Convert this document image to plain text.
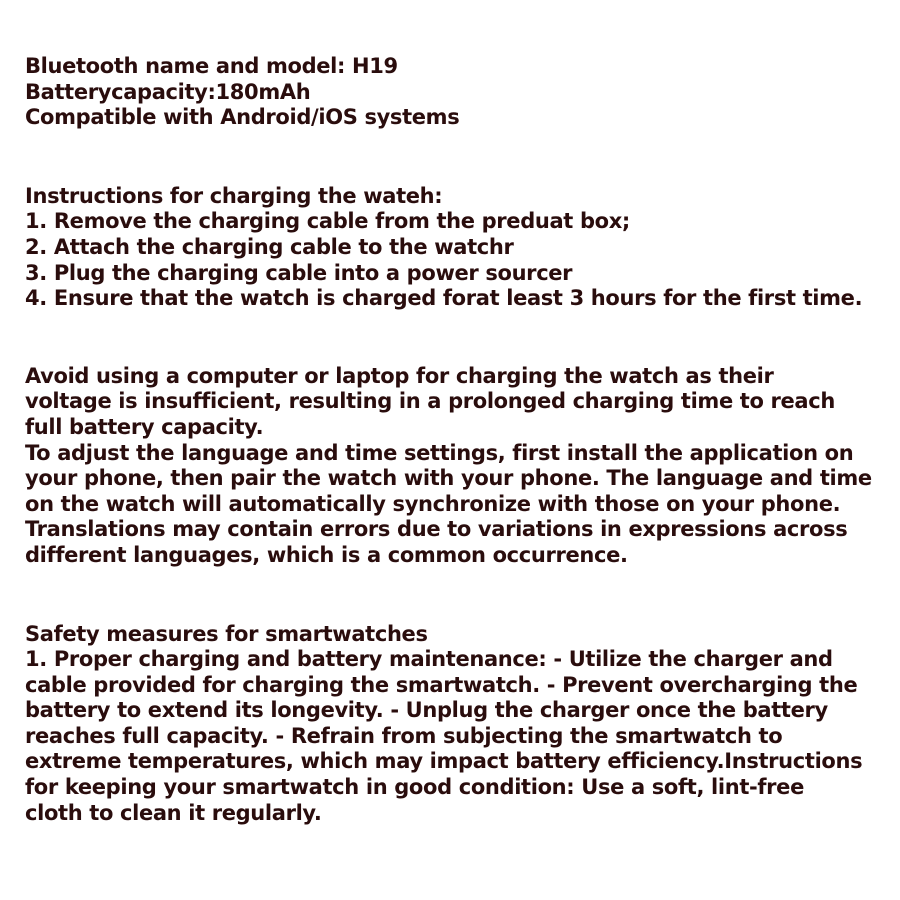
Bluetooth name and model: H19
Batterycapacity:180mAh
Compatible with Android/iOS systems
Instructions for charging the wateh:
1. Remove the charging cable from the preduat box;
2. Attach the charging cable to the watchr
3. Plug the charging cable into a power sourcer
4. Ensure that the watch is charged forat least 3 hours for the first time.
Avoid using a computer or laptop for charging the watch as their
voltage is insufficient, resulting in a prolonged charging time to reach
full battery capacity.
To adjust the language and time settings, first install the application on
your phone, then pair the watch with your phone. The language and time
on the watch will automatically synchronize with those on your phone.
Translations may contain errors due to variations in expressions across
different languages, which is a common occurrence.
Safety measures for smartwatches
1. Proper charging and battery maintenance: - Utilize the charger and
cable provided for charging the smartwatch. - Prevent overcharging the
battery to extend its longevity. - Unplug the charger once the battery
reaches full capacity. - Refrain from subjecting the smartwatch to
extreme temperatures, which may impact battery efficiency.Instructions
for keeping your smartwatch in good condition: Use a soft, lint-free
cloth to clean it regularly.
